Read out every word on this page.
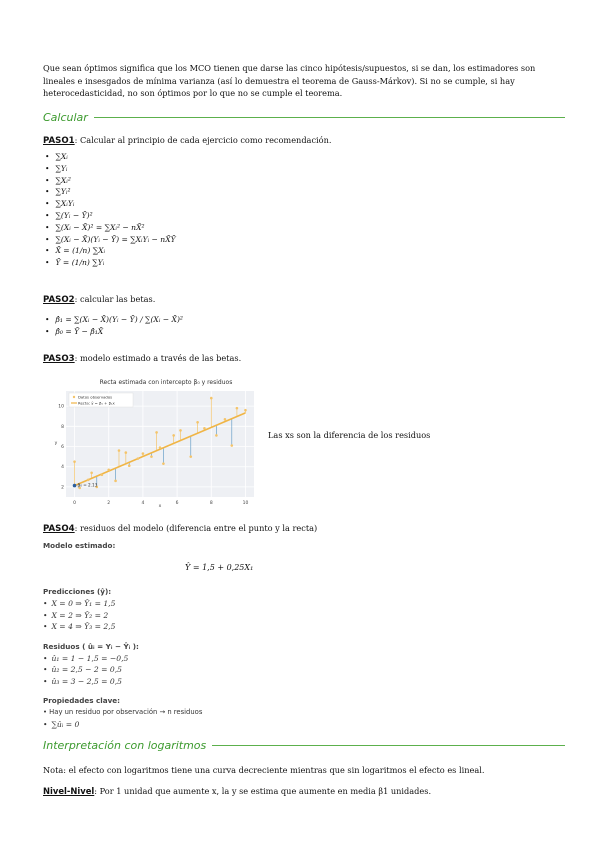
Que sean óptimos significa que los MCO tienen que darse las cinco hipótesis/supuestos, si se dan, los estimadores son lineales e insesgados de mínima varianza (así lo demuestra el teorema de Gauss-Márkov). Si no se cumple, si hay heterocedasticidad, no son óptimos por lo que no se cumple el teorema.
Calcular
PASO1: Calcular al principio de cada ejercicio como recomendación.
• ∑Xᵢ
• ∑Yᵢ
• ∑Xᵢ²
• ∑Yᵢ²
• ∑XᵢYᵢ
• ∑(Yᵢ − Ȳ)²
• ∑(Xᵢ − X̄)² = ∑Xᵢ² − nX̄²
• ∑(Xᵢ − X̄)(Yᵢ − Ȳ) = ∑XᵢYᵢ − nX̄Ȳ
• X̄ = (1/n) ∑Xᵢ
• Ȳ = (1/n) ∑Yᵢ
PASO2: calcular las betas.
• β̂₁ = ∑(Xᵢ − X̄)(Yᵢ − Ȳ) / ∑(Xᵢ − X̄)²
• β̂₀ = Ȳ − β̂₁X̄
PASO3: modelo estimado a través de las betas.
0	2	4	6	8	10
2
4
6
8
10
β₀ = 2.13
Recta estimada con intercepto β₀ y residuos
x
y
Datos observados
Recta: ŷ = β₀ + β₁x
Las xs son la diferencia de los residuos
PASO4: residuos del modelo (diferencia entre el punto y la recta)
Modelo estimado:
Predicciones (ŷ):
• X = 0 ⇒ Ŷ₁ = 1,5
• X = 2 ⇒ Ŷ₂ = 2
• X = 4 ⇒ Ŷ₃ = 2,5
Residuos ( ûᵢ = Yᵢ − Ŷᵢ ):
• û₁ = 1 − 1,5 = −0,5
• û₂ = 2,5 − 2 = 0,5
• û₃ = 3 − 2,5 = 0,5
Propiedades clave:
• Hay un residuo por observación → n residuos
• ∑ûᵢ = 0
Ŷ = 1,5 + 0,25X₁
Interpretación con logaritmos
Nota: el efecto con logaritmos tiene una curva decreciente mientras que sin logaritmos el efecto es lineal.
Nivel-Nivel: Por 1 unidad que aumente x, la y se estima que aumente en media β1 unidades.
